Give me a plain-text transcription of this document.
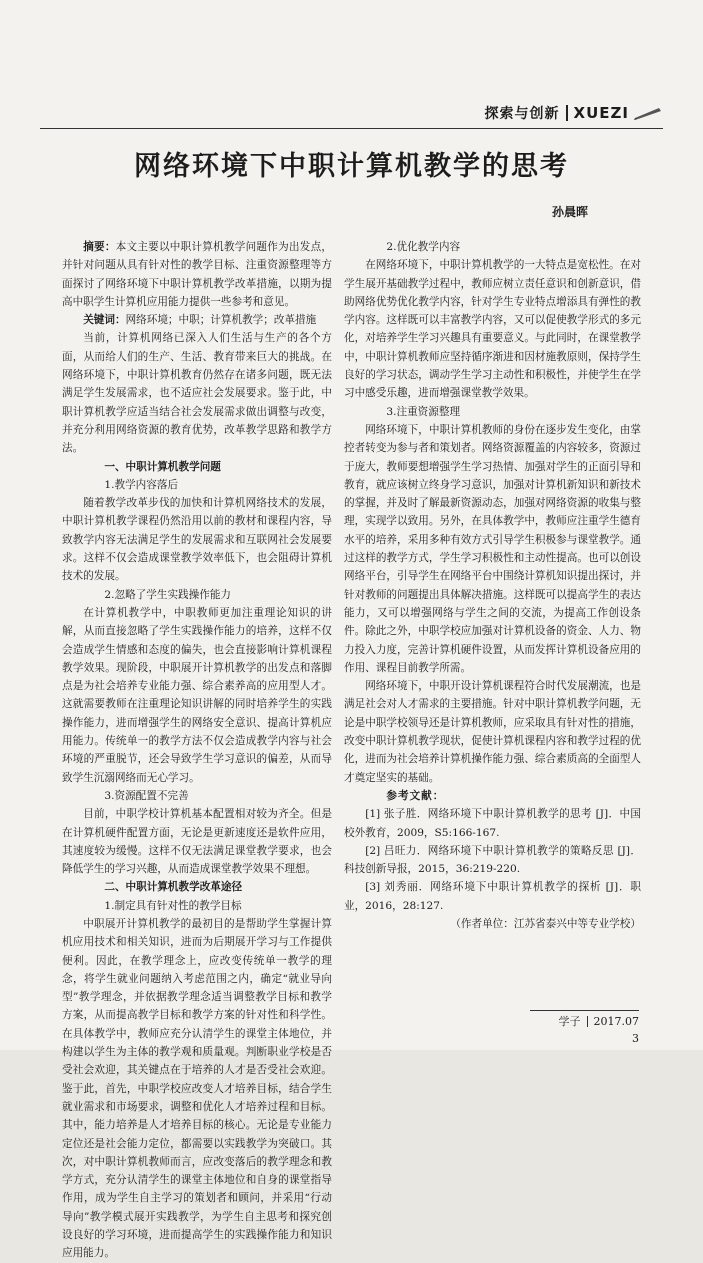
探索与创新 XUEZI
网络环境下中职计算机教学的思考
孙晨晖

摘要：本文主要以中职计算机教学问题作为出发点，并针对问题从具有针对性的教学目标、注重资源整理等方面探讨了网络环境下中职计算机教学改革措施，以期为提高中职学生计算机应用能力提供一些参考和意见。

关键词：网络环境；中职；计算机教学；改革措施

当前，计算机网络已深入人们生活与生产的各个方面，从而给人们的生产、生活、教育带来巨大的挑战。在网络环境下，中职计算机教育仍然存在诸多问题，既无法满足学生发展需求，也不适应社会发展要求。鉴于此，中职计算机教学应适当结合社会发展需求做出调整与改变，并充分利用网络资源的教育优势，改革教学思路和教学方法。

一、中职计算机教学问题

1.教学内容落后

随着教学改革步伐的加快和计算机网络技术的发展，中职计算机教学课程仍然沿用以前的教材和课程内容，导致教学内容无法满足学生的发展需求和互联网社会发展要求。这样不仅会造成课堂教学效率低下，也会阻碍计算机技术的发展。

2.忽略了学生实践操作能力

在计算机教学中，中职教师更加注重理论知识的讲解，从而直接忽略了学生实践操作能力的培养，这样不仅会造成学生情感和态度的偏失，也会直接影响计算机课程教学效果。现阶段，中职展开计算机教学的出发点和落脚点是为社会培养专业能力强、综合素养高的应用型人才。这就需要教师在注重理论知识讲解的同时培养学生的实践操作能力，进而增强学生的网络安全意识、提高计算机应用能力。传统单一的教学方法不仅会造成教学内容与社会环境的严重脱节，还会导致学生学习意识的偏差，从而导致学生沉溺网络而无心学习。

3.资源配置不完善

目前，中职学校计算机基本配置相对较为齐全。但是在计算机硬件配置方面，无论是更新速度还是软件应用，其速度较为缓慢。这样不仅无法满足课堂教学要求，也会降低学生的学习兴趣，从而造成课堂教学效果不理想。

二、中职计算机教学改革途径

1.制定具有针对性的教学目标

中职展开计算机教学的最初目的是帮助学生掌握计算机应用技术和相关知识，进而为后期展开学习与工作提供便利。因此，在教学理念上，应改变传统单一教学的理念，将学生就业问题纳入考虑范围之内，确定“就业导向型”教学理念，并依据教学理念适当调整教学目标和教学方案，从而提高教学目标和教学方案的针对性和科学性。在具体教学中，教师应充分认清学生的课堂主体地位，并构建以学生为主体的教学观和质量观。判断职业学校是否受社会欢迎，其关键点在于培养的人才是否受社会欢迎。鉴于此，首先，中职学校应改变人才培养目标，结合学生就业需求和市场要求，调整和优化人才培养过程和目标。其中，能力培养是人才培养目标的核心。无论是专业能力定位还是社会能力定位，都需要以实践教学为突破口。其次，对中职计算机教师而言，应改变落后的教学理念和教学方式，充分认清学生的课堂主体地位和自身的课堂指导作用，成为学生自主学习的策划者和顾问，并采用“行动导向”教学模式展开实践教学，为学生自主思考和探究创设良好的学习环境，进而提高学生的实践操作能力和知识应用能力。

2.优化教学内容

在网络环境下，中职计算机教学的一大特点是宽松性。在对学生展开基础教学过程中，教师应树立责任意识和创新意识，借助网络优势优化教学内容，针对学生专业特点增添具有弹性的教学内容。这样既可以丰富教学内容，又可以促使教学形式的多元化，对培养学生学习兴趣具有重要意义。与此同时，在课堂教学中，中职计算机教师应坚持循序渐进和因材施教原则，保持学生良好的学习状态，调动学生学习主动性和积极性，并使学生在学习中感受乐趣，进而增强课堂教学效果。

3.注重资源整理

网络环境下，中职计算机教师的身份在逐步发生变化，由掌控者转变为参与者和策划者。网络资源覆盖的内容较多，资源过于庞大，教师要想增强学生学习热情、加强对学生的正面引导和教育，就应该树立终身学习意识，加强对计算机新知识和新技术的掌握，并及时了解最新资源动态，加强对网络资源的收集与整理，实现学以致用。另外，在具体教学中，教师应注重学生德育水平的培养，采用多种有效方式引导学生积极参与课堂教学。通过这样的教学方式，学生学习积极性和主动性提高。也可以创设网络平台，引导学生在网络平台中围绕计算机知识提出探讨，并针对教师的问题提出具体解决措施。这样既可以提高学生的表达能力，又可以增强网络与学生之间的交流，为提高工作创设条件。除此之外，中职学校应加强对计算机设备的资金、人力、物力投入力度，完善计算机硬件设置，从而发挥计算机设备应用的作用、课程目前教学所需。

网络环境下，中职开设计算机课程符合时代发展潮流，也是满足社会对人才需求的主要措施。针对中职计算机教学问题，无论是中职学校领导还是计算机教师，应采取具有针对性的措施，改变中职计算机教学现状，促使计算机课程内容和教学过程的优化，进而为社会培养计算机操作能力强、综合素质高的全面型人才奠定坚实的基础。

参考文献：

[1] 张子胜．网络环境下中职计算机教学的思考 [J]．中国校外教育，2009，S5:166-167.

[2] 吕旺力．网络环境下中职计算机教学的策略反思 [J]．科技创新导报，2015，36:219-220.

[3] 刘秀丽．网络环境下中职计算机教学的探析 [J]．职业，2016，28:127.

（作者单位：江苏省泰兴中等专业学校）

学子 2017.07
3
